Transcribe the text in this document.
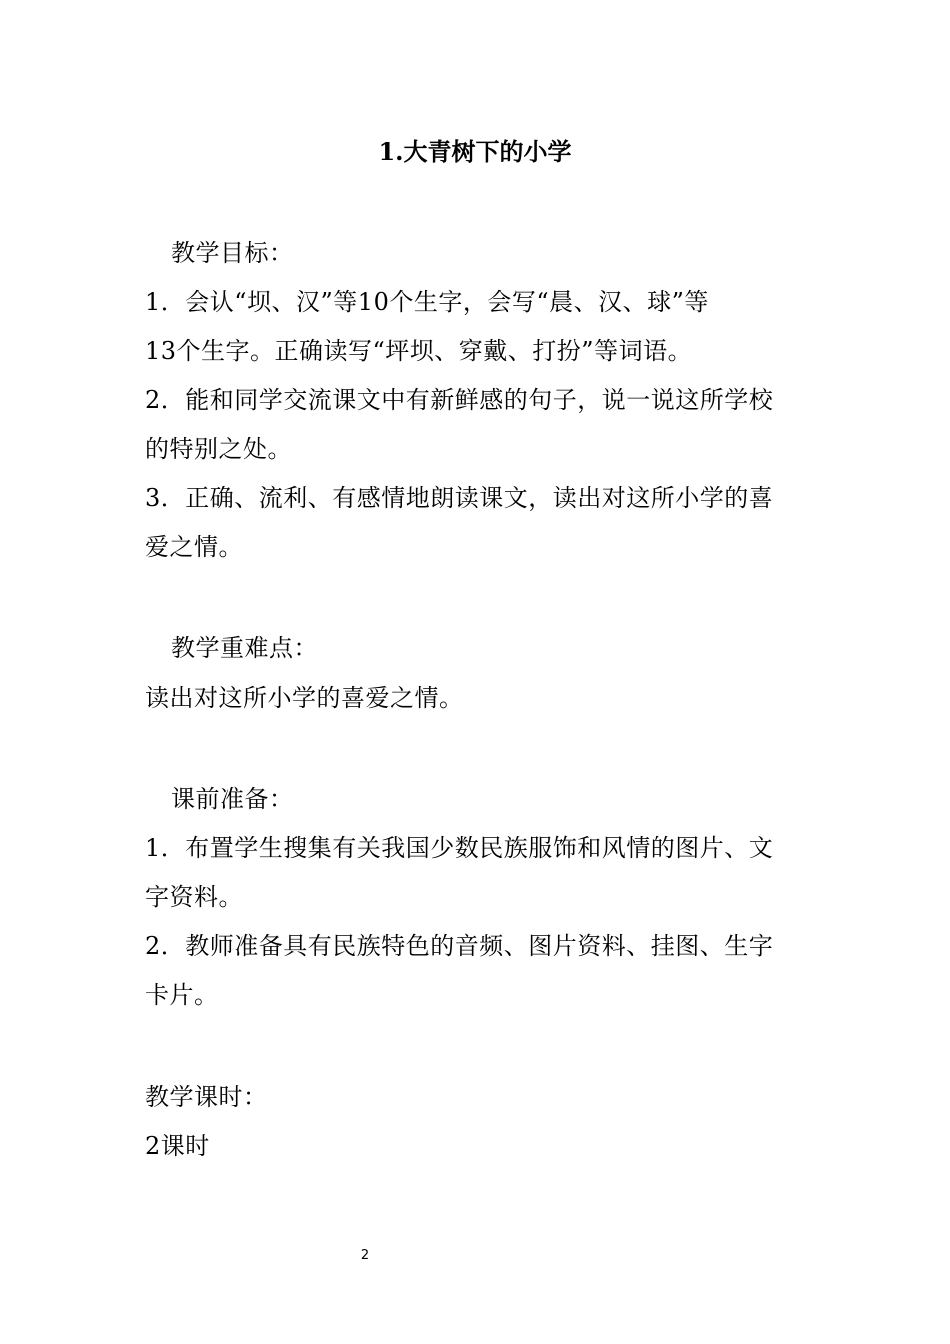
1.大青树下的小学
教学目标：
1．会认“坝、汉”等10个生字，会写“晨、汉、球”等
13个生字。正确读写“坪坝、穿戴、打扮”等词语。
2．能和同学交流课文中有新鲜感的句子，说一说这所学校
的特别之处。
3．正确、流利、有感情地朗读课文，读出对这所小学的喜
爱之情。
教学重难点：
读出对这所小学的喜爱之情。
课前准备：
1．布置学生搜集有关我国少数民族服饰和风情的图片、文
字资料。
2．教师准备具有民族特色的音频、图片资料、挂图、生字
卡片。
教学课时：
2课时
2
